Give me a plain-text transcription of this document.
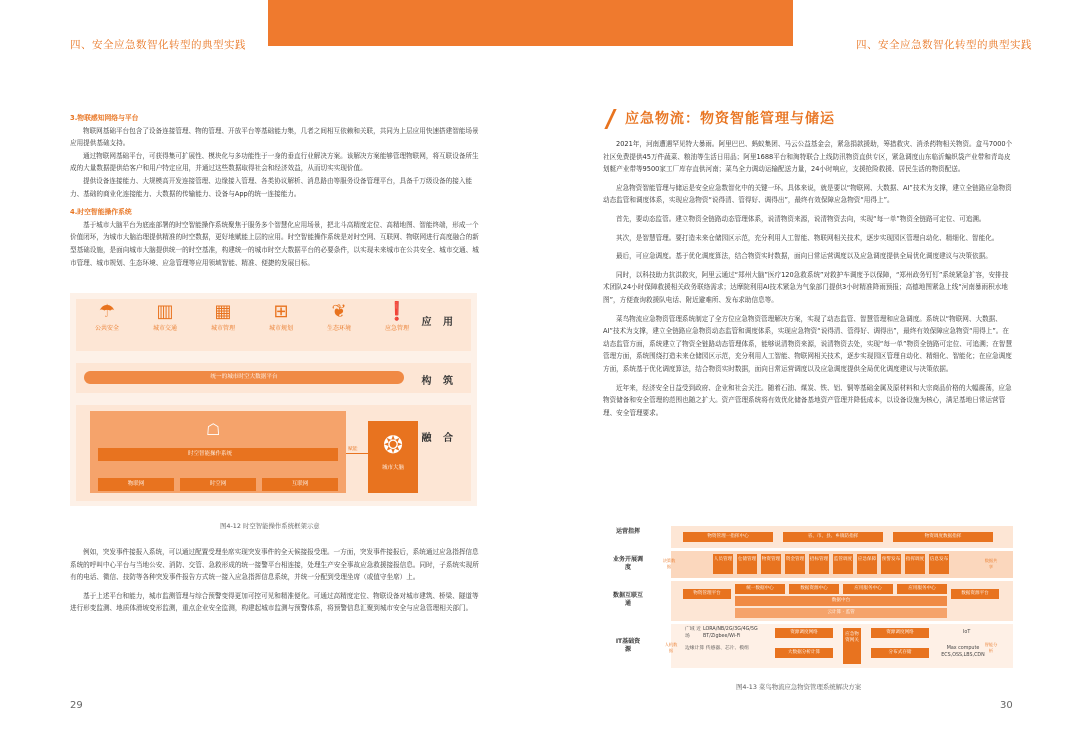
四、安全应急数智化转型的典型实践	四、安全应急数智化转型的典型实践
3.物联感知网络与平台
物联网基础平台包含了设备连接管理、物的管理、开放平台等基础能力集，几者之间相互依赖和关联，共同为上层应用快速搭建智能场景应用提供基础支持。
通过物联网基础平台，可获得集可扩展性、模块化与多功能性于一身的垂直行业解决方案。该解决方案能够管理物联网，将互联设备所生成的大量数据提供给客户和用户特定应用，并通过这些数据取得社会和经济效益，从而切实实现价值。
提供设备连接能力、大规模高开发连接管理、边缘接入管理、各类协议解析、消息路由等服务设备管理平台，具备千万级设备的接入能力、基础的商业化连接能力、大数据的传输能力、设备与App的统一连接能力。
4.时空智能操作系统
基于城市大脑平台为底座部署的时空智能操作系统聚焦于服务多个智慧化应用场景，把北斗高精度定位、高精地图、智能终端，形成一个价值闭环，为城市大脑治理提供精准的时空数据，更好地赋能上层的应用。时空智能操作系统是对时空网、互联网、物联网进行高度融合的新型基础设施，是面向城市大脑提供统一的时空基准，构建统一的城市时空大数据平台的必要条件，以实现未来城市在公共安全、城市交通、城市管理、城市规划、生态环境、应急管理等应用领域智能、精准、便捷的发展目标。
☂
公共安全
▥
城市交通
▦
城市管理
⊞
城市规划
❦
生态环境
❗
应急管理
应 用
构 筑
融 合
统一的城市时空大数据平台
☖
时空智能操作系统
物联网	时空网	互联网
赋能	❂
城市大脑
图4-12 时空智能操作系统框架示意
例如，突发事件接报入系统，可以通过配置受理坐席实现突发事件的全天候接报受理。一方面，突发事件接报后，系统通过应急指挥信息系统的呼叫中心平台与当地公安、消防、交管、急救形成的统一接警平台相连接，处理生产安全事故应急救援接报信息。同时，子系统实现所有的电话、微信、技防等各种突发事件报告方式统一接入应急指挥信息系统，并统一分配到受理坐席（或值守坐席）上。
基于上述平台和能力，城市监测管理与综合预警变得更加可控可见和精准便化。可通过高精度定位、物联设备对城市建筑、桥梁、隧道等进行形变监测、地质体滑坡变形监测，重点企业安全监测，构建起城市监测与预警体系，将预警信息汇聚到城市安全与应急管理相关部门。
应急物流：物资智能管理与储运
2021年，河南遭遇罕见特大暴雨。阿里巴巴、蚂蚁集团、马云公益基金会，紧急捐款援助，筹措救灾、消杀药物相关物资。盒马7000个社区免费提供45万件蔬菜、粮油等生活日用品；阿里1688平台和淘特联合上线防汛物资直供专区，紧急调度山东临沂蝙织袋产业带和青岛皮划艇产业带等9500家工厂库存直供河南；菜鸟全力调动运输配送力量，24小时响应，支援抢险救援、居民生活的物资配送。
应急物资智能管理与储运是安全应急数智化中的关键一环。具体来说，就是要以“物联网、大数据、AI”技术为支撑，建立全链路应急物资动态监管和调度体系，实现应急物资“说得清、管得好、调得出”，最终有效保障应急物资“用得上”。
首先，要动态监管。建立物资全链路动态管理体系，说清物资来源，说清物资去向，实现“每一单”物资全链路可定位、可追溯。
其次，是智慧管理。要打造未来仓储园区示范，充分利用人工智能、物联网相关技术，逐步实现园区管理自动化、精细化、智能化。
最后，可应急调度。基于优化调度算法，结合物资实时数据，面向日常运营调度以及应急调度提供全局优化调度建议与决策依据。
同时，以科技助力抗洪救灾，阿里云通过“郑州大脑”医疗120急救系统”对救护车调度予以保障，“郑州政务钉钉”系统紧急扩容，安排技术团队24小时保障救援相关政务联络需求；达摩院利用AI技术紧急为气象部门提供3小时精准降雨预报；高德地图紧急上线“河南暴雨积水地图”，方便查询救援队电话、附近避难所、发布求助信息等。
菜鸟物流应急物资管理系统制定了全方位应急物资管理解决方案，实现了动态监管、智慧管理和应急调度。系统以“物联网、大数据、AI”技术为支撑，建立全链路应急物资动态监管和调度体系，实现应急物资“说得清、管得好、调得出”，最终有效保障应急物资“用得上”。在动态监管方面，系统建立了物资全链路动态管理体系，能够说清物资来源，说清物资去处，实现“每一单”物资全链路可定位、可追溯；在智慧管理方面，系统围绕打造未来仓储园区示范，充分利用人工智能、物联网相关技术，逐步实现园区管理自动化、精细化、智能化；在应急调度方面，系统基于优化调度算法，结合物资实时数据，面向日常运营调度以及应急调度提供全局优化调度建议与决策依据。
近年来，经济安全日益受到政府、企业和社会关注。随着石油、煤炭、铁、铝、铜等基础金属及原材料和大宗商品价格的大幅震荡，应急物资储备和安全管理的范围也随之扩大。资产管理系统将有效优化储备基地资产管理并降低成本，以设备设施为核心，满足基地日常运营管理、安全管理要求。
运营指挥
业务开展调度
数据互联互通
IT基础资源
物资管理一指挥中心	省、市、县、乡镇防指挥	物资调度数据指挥
决策数据
人员管理 仓储管理 物资管理 资金管理 招标管理 监管调度 应急保障 预警发布 指挥调度 信息发布	数据共享
物资管理平台
统一数据中心	数据资源中心	应用服务中心	应用服务中心
数据资源平台
数据中台
云计算 · 监管
广域 近场
LORA/NB/2G/3G/4G/5G BT/Zigbee/Wi-Fi
边缘计算 传感器、芯片、模组
人机数据
资源调度网络	应急物资网关
资源调度网络
大数据分析计算	分布式存储
IoT
Max compute ECS,OSS,LBS,CDN
智能分析
图4-13 菜鸟物流应急物资管理系统解决方案
29	30
